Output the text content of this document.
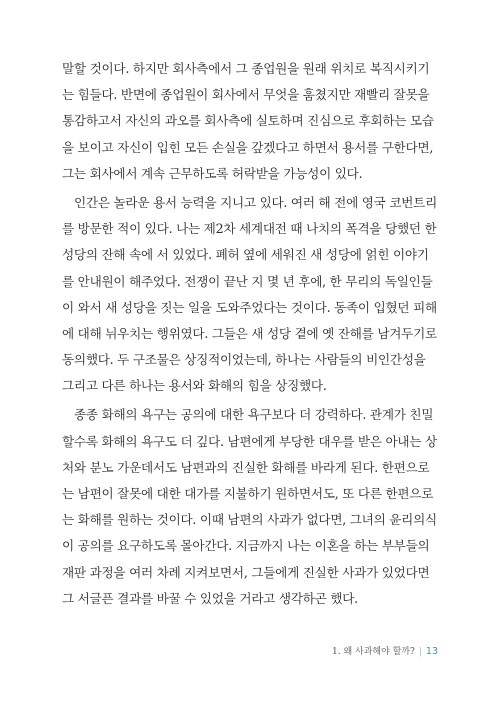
말할 것이다. 하지만 회사측에서 그 종업원을 원래 위치로 복직시키기
는 힘들다. 반면에 종업원이 회사에서 무엇을 훔쳤지만 재빨리 잘못을
통감하고서 자신의 과오를 회사측에 실토하며 진심으로 후회하는 모습
을 보이고 자신이 입힌 모든 손실을 갚겠다고 하면서 용서를 구한다면,
그는 회사에서 계속 근무하도록 허락받을 가능성이 있다.
인간은 놀라운 용서 능력을 지니고 있다. 여러 해 전에 영국 코번트리
를 방문한 적이 있다. 나는 제2차 세계대전 때 나치의 폭격을 당했던 한
성당의 잔해 속에 서 있었다. 폐허 옆에 세워진 새 성당에 얽힌 이야기
를 안내원이 해주었다. 전쟁이 끝난 지 몇 년 후에, 한 무리의 독일인들
이 와서 새 성당을 짓는 일을 도와주었다는 것이다. 동족이 입혔던 피해
에 대해 뉘우치는 행위였다. 그들은 새 성당 곁에 옛 잔해를 남겨두기로
동의했다. 두 구조물은 상징적이었는데, 하나는 사람들의 비인간성을
그리고 다른 하나는 용서와 화해의 힘을 상징했다.
종종 화해의 욕구는 공의에 대한 욕구보다 더 강력하다. 관계가 친밀
할수록 화해의 욕구도 더 깊다. 남편에게 부당한 대우를 받은 아내는 상
처와 분노 가운데서도 남편과의 진실한 화해를 바라게 된다. 한편으로
는 남편이 잘못에 대한 대가를 지불하기 원하면서도, 또 다른 한편으로
는 화해를 원하는 것이다. 이때 남편의 사과가 없다면, 그녀의 윤리의식
이 공의를 요구하도록 몰아간다. 지금까지 나는 이혼을 하는 부부들의
재판 과정을 여러 차례 지켜보면서, 그들에게 진실한 사과가 있었다면
그 서글픈 결과를 바꿀 수 있었을 거라고 생각하곤 했다.
1. 왜 사과해야 할까? | 13
